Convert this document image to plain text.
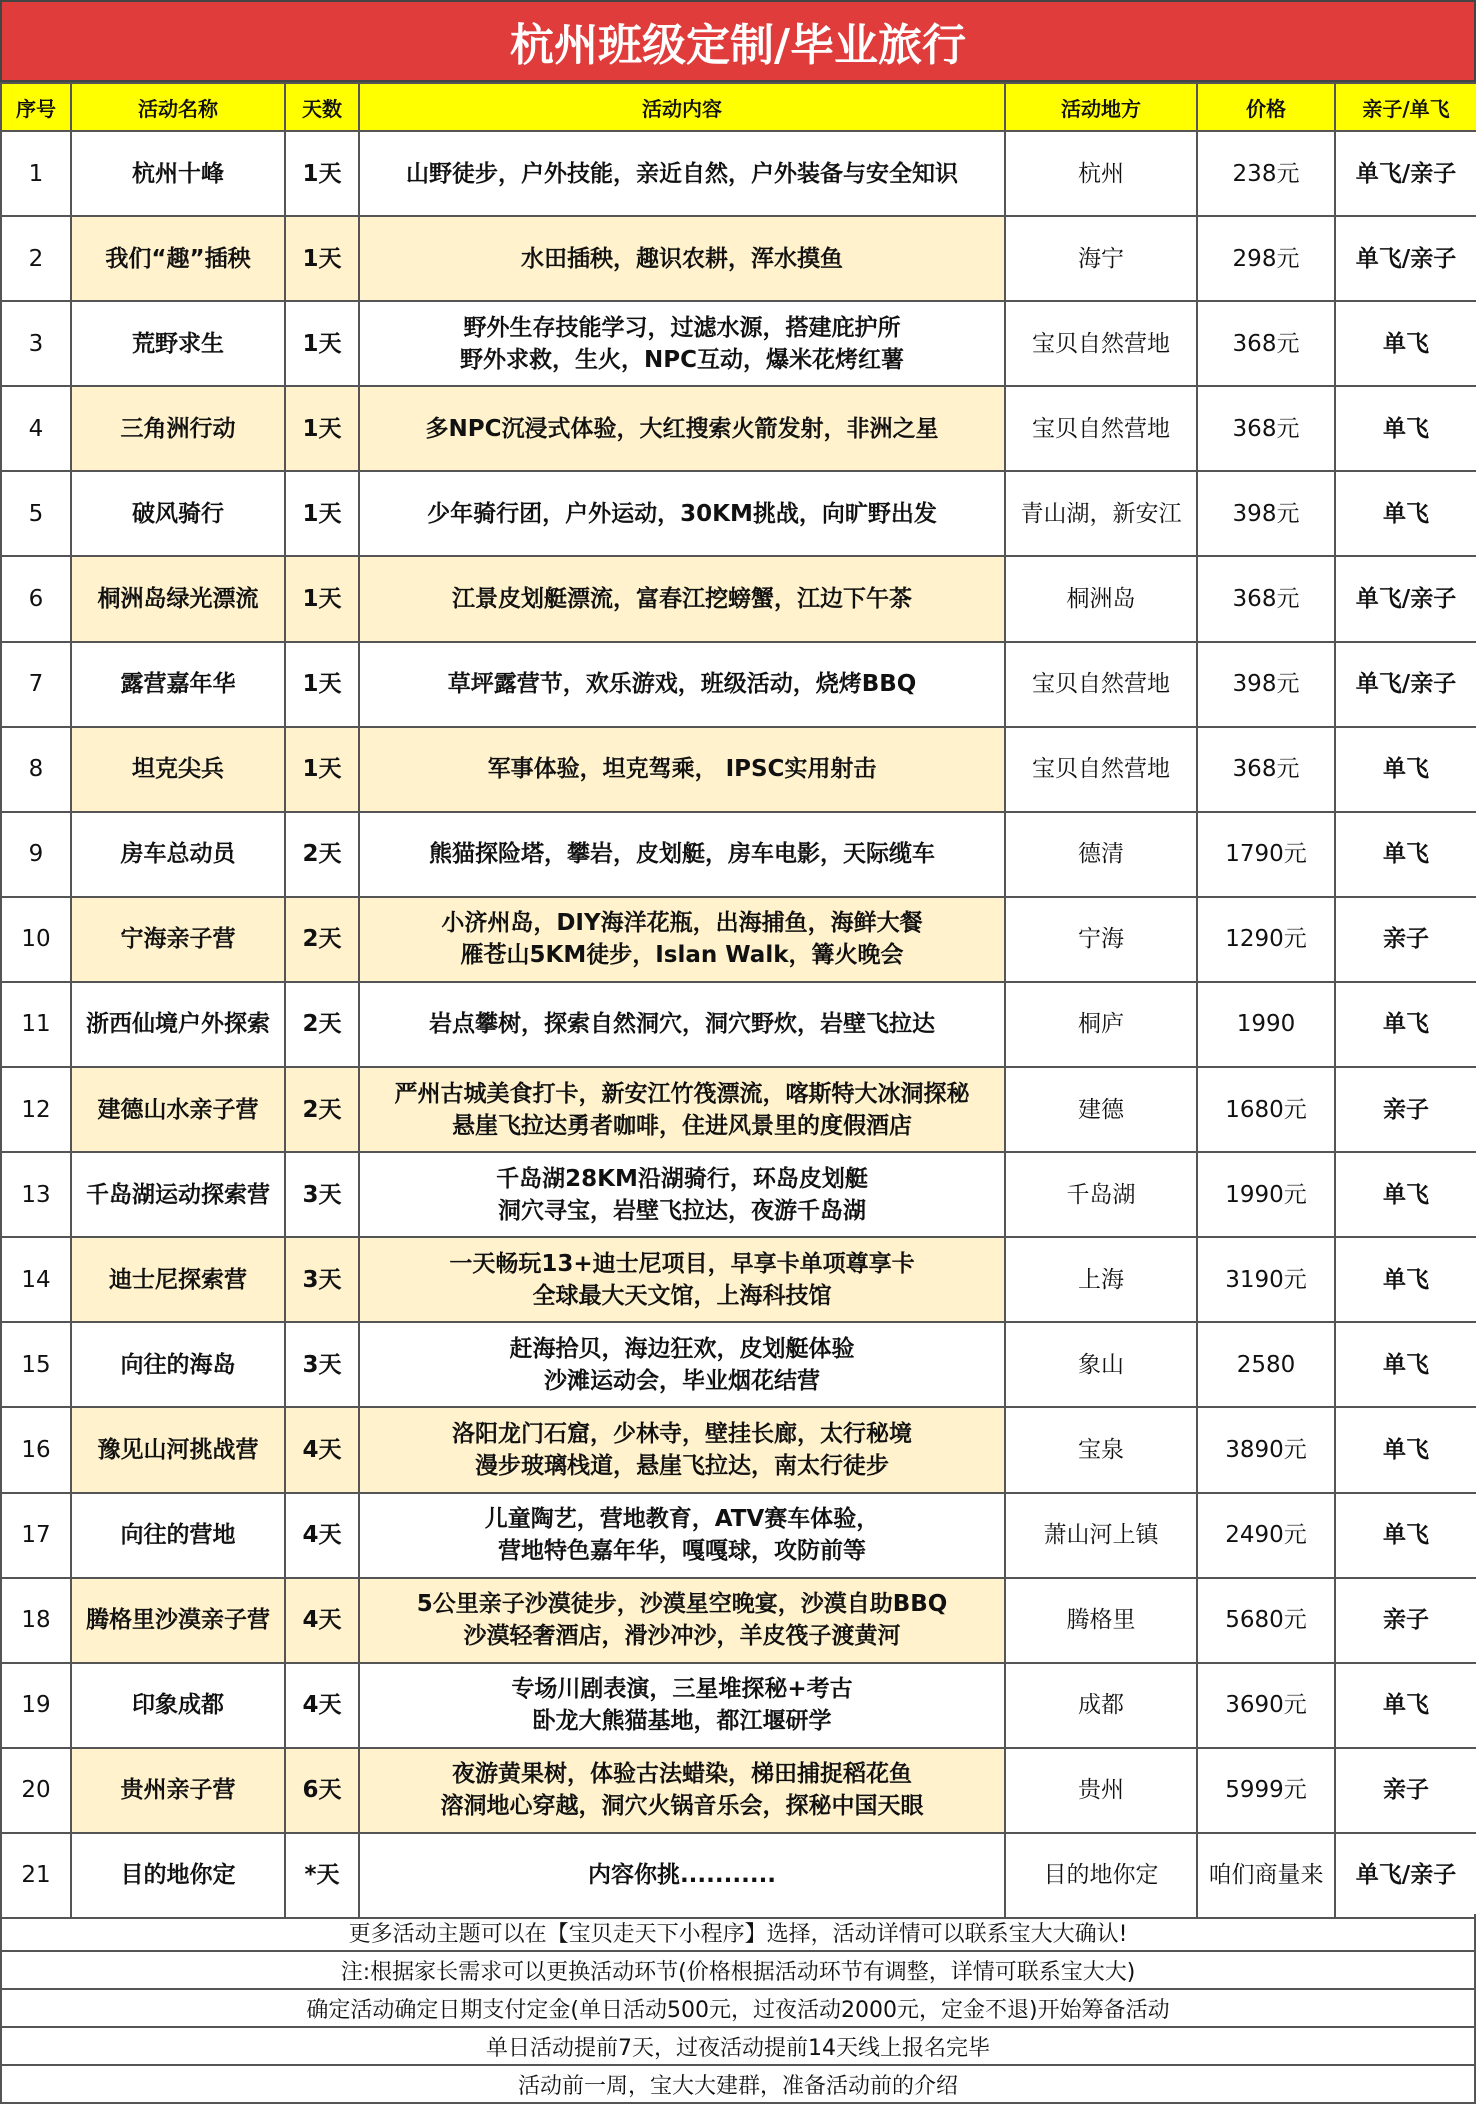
杭州班级定制/毕业旅行
序号	活动名称	天数	活动内容	活动地方	价格	亲子/单飞
1	杭州十峰	1天	山野徒步，户外技能，亲近自然，户外装备与安全知识	杭州	238元	单飞/亲子
2	我们“趣”插秧	1天	水田插秧，趣识农耕，浑水摸鱼	海宁	298元	单飞/亲子
3	荒野求生	1天	野外生存技能学习，过滤水源，搭建庇护所
野外求救，生火，NPC互动，爆米花烤红薯	宝贝自然营地	368元	单飞
4	三角洲行动	1天	多NPC沉浸式体验，大红搜索火箭发射，非洲之星	宝贝自然营地	368元	单飞
5	破风骑行	1天	少年骑行团，户外运动，30KM挑战，向旷野出发	青山湖，新安江	398元	单飞
6	桐洲岛绿光漂流	1天	江景皮划艇漂流，富春江挖螃蟹，江边下午茶	桐洲岛	368元	单飞/亲子
7	露营嘉年华	1天	草坪露营节，欢乐游戏，班级活动，烧烤BBQ	宝贝自然营地	398元	单飞/亲子
8	坦克尖兵	1天	军事体验，坦克驾乘， IPSC实用射击	宝贝自然营地	368元	单飞
9	房车总动员	2天	熊猫探险塔，攀岩，皮划艇，房车电影，天际缆车	德清	1790元	单飞
10	宁海亲子营	2天	小济州岛，DIY海洋花瓶，出海捕鱼，海鲜大餐
雁苍山5KM徒步，Islan Walk，篝火晚会	宁海	1290元	亲子
11	浙西仙境户外探索	2天	岩点攀树，探索自然洞穴，洞穴野炊，岩壁飞拉达	桐庐	1990	单飞
12	建德山水亲子营	2天	严州古城美食打卡，新安江竹筏漂流，喀斯特大冰洞探秘
悬崖飞拉达勇者咖啡，住进风景里的度假酒店	建德	1680元	亲子
13	千岛湖运动探索营	3天	千岛湖28KM沿湖骑行，环岛皮划艇
洞穴寻宝，岩壁飞拉达，夜游千岛湖	千岛湖	1990元	单飞
14	迪士尼探索营	3天	一天畅玩13+迪士尼项目，早享卡单项尊享卡
全球最大天文馆，上海科技馆	上海	3190元	单飞
15	向往的海岛	3天	赶海拾贝，海边狂欢，皮划艇体验
沙滩运动会，毕业烟花结营	象山	2580	单飞
16	豫见山河挑战营	4天	洛阳龙门石窟，少林寺，壁挂长廊，太行秘境
漫步玻璃栈道，悬崖飞拉达，南太行徒步	宝泉	3890元	单飞
17	向往的营地	4天	儿童陶艺，营地教育，ATV赛车体验，
营地特色嘉年华，嘎嘎球，攻防前等	萧山河上镇	2490元	单飞
18	腾格里沙漠亲子营	4天	5公里亲子沙漠徒步，沙漠星空晚宴，沙漠自助BBQ
沙漠轻奢酒店，滑沙冲沙，羊皮筏子渡黄河	腾格里	5680元	亲子
19	印象成都	4天	专场川剧表演，三星堆探秘+考古
卧龙大熊猫基地，都江堰研学	成都	3690元	单飞
20	贵州亲子营	6天	夜游黄果树，体验古法蜡染，梯田捕捉稻花鱼
溶洞地心穿越，洞穴火锅音乐会，探秘中国天眼	贵州	5999元	亲子
21	目的地你定	*天	内容你挑...........	目的地你定	咱们商量来	单飞/亲子
更多活动主题可以在【宝贝走天下小程序】选择，活动详情可以联系宝大大确认!
注:根据家长需求可以更换活动环节(价格根据活动环节有调整，详情可联系宝大大)
确定活动确定日期支付定金(单日活动500元，过夜活动2000元，定金不退)开始筹备活动
单日活动提前7天，过夜活动提前14天线上报名完毕
活动前一周，宝大大建群，准备活动前的介绍
